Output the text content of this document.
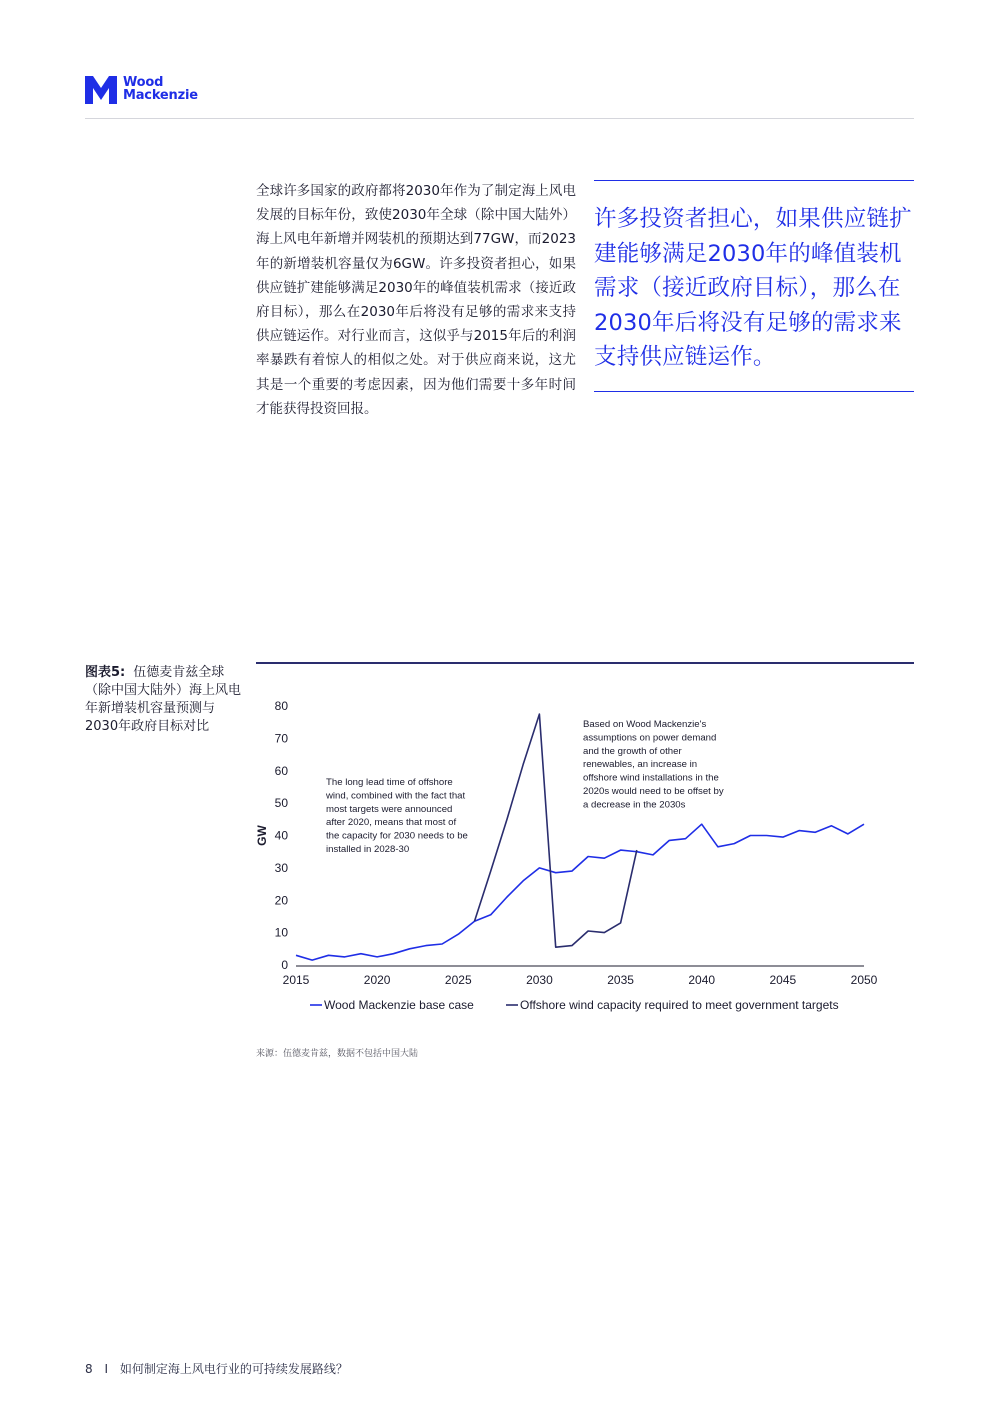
Wood
Mackenzie
全球许多国家的政府都将2030年作为了制定海上风电发展的目标年份，致使2030年全球（除中国大陆外）海上风电年新增并网装机的预期达到77GW，而2023年的新增装机容量仅为6GW。许多投资者担心，如果供应链扩建能够满足2030年的峰值装机需求（接近政府目标），那么在2030年后将没有足够的需求来支持供应链运作。对行业而言，这似乎与2015年后的利润率暴跌有着惊人的相似之处。对于供应商来说，这尤其是一个重要的考虑因素，因为他们需要十多年时间才能获得投资回报。
许多投资者担心，如果供应链扩建能够满足2030年的峰值装机需求（接近政府目标），那么在2030年后将没有足够的需求来支持供应链运作。
图表5: 伍德麦肯兹全球（除中国大陆外）海上风电年新增装机容量预测与2030年政府目标对比
0
10
20
30
40
50
60
70
80
2015	2020	2025	2030	2035	2040	2045	2050
GW
The long lead time of offshore
wind, combined with the fact that
most targets were announced
after 2020, means that most of
the capacity for 2030 needs to be
installed in 2028-30
Based on Wood Mackenzie's
assumptions on power demand
and the growth of other
renewables, an increase in
offshore wind installations in the
2020s would need to be offset by
a decrease in the 2030s
Wood Mackenzie base case	Offshore wind capacity required to meet government targets
来源：伍德麦肯兹，数据不包括中国大陆
8 I 如何制定海上风电行业的可持续发展路线？
